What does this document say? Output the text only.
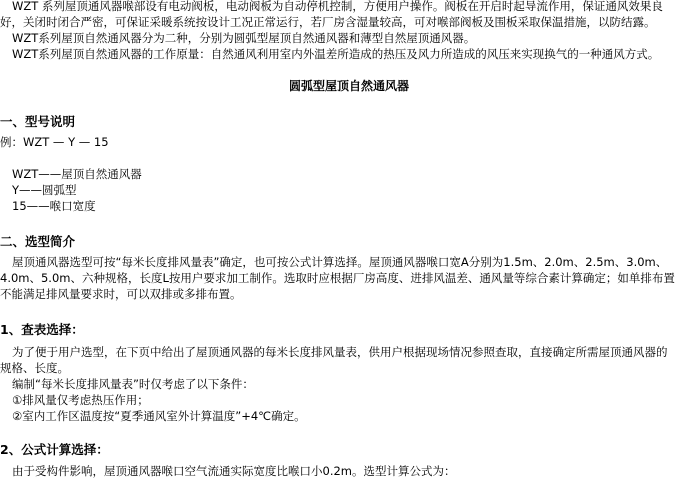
WZT 系列屋顶通风器喉部设有电动阀板，电动阀板为自动停机控制，方便用户操作。阀板在开启时起导流作用，保证通风效果良
好，关闭时闭合严密，可保证采暖系统按设计工况正常运行，若厂房含湿量较高，可对喉部阀板及围板采取保温措施，以防结露。
WZT系列屋顶自然通风器分为二种，分别为圆弧型屋顶自然通风器和薄型自然屋顶通风器。
WZT系列屋顶自然通风器的工作原量：自然通风利用室内外温差所造成的热压及风力所造成的风压来实现换气的一种通风方式。
圆弧型屋顶自然通风器
一、型号说明
例：WZT — Y — 15
WZT——屋顶自然通风器
Y——圆弧型
15——喉口宽度
二、选型简介
屋顶通风器选型可按“每米长度排风量表”确定，也可按公式计算选择。屋顶通风器喉口宽A分别为1.5m、2.0m、2.5m、3.0m、
4.0m、5.0m、六种规格，长度L按用户要求加工制作。选取时应根据厂房高度、进排风温差、通风量等综合素计算确定；如单排布置
不能满足排风量要求时，可以双排或多排布置。
1、查表选择：
为了便于用户选型，在下页中给出了屋顶通风器的每米长度排风量表，供用户根据现场情况参照查取，直接确定所需屋顶通风器的
规格、长度。
编制“每米长度排风量表”时仅考虑了以下条件：
①排风量仅考虑热压作用；
②室内工作区温度按“夏季通风室外计算温度”+4℃确定。
2、公式计算选择：
由于受构件影响，屋顶通风器喉口空气流通实际宽度比喉口小0.2m。选型计算公式为：
